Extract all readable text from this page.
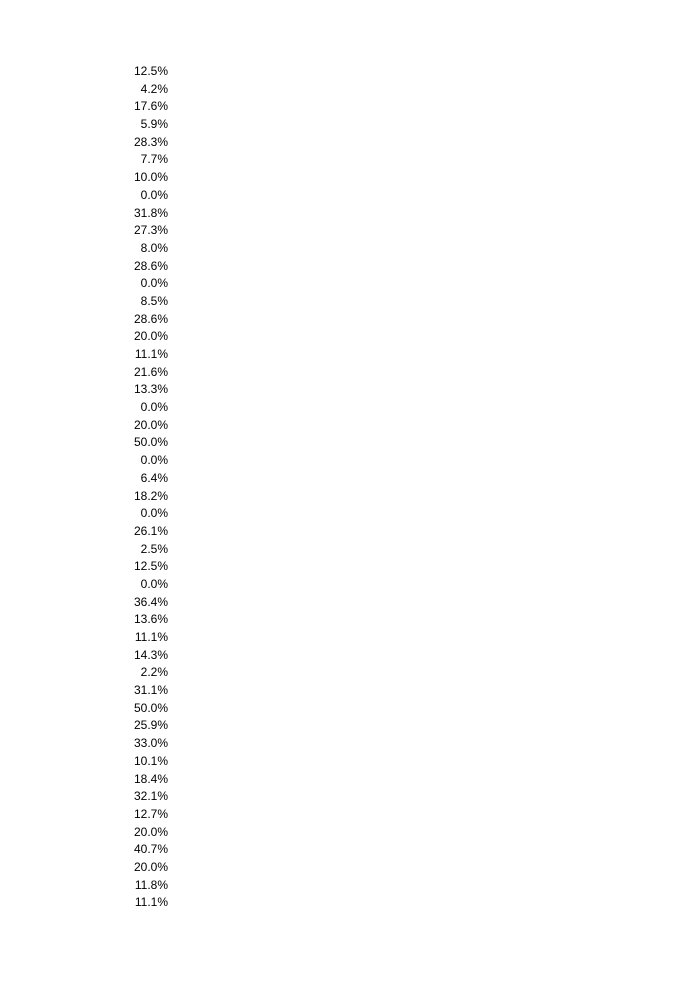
12.5%
4.2%
17.6%
5.9%
28.3%
7.7%
10.0%
0.0%
31.8%
27.3%
8.0%
28.6%
0.0%
8.5%
28.6%
20.0%
11.1%
21.6%
13.3%
0.0%
20.0%
50.0%
0.0%
6.4%
18.2%
0.0%
26.1%
2.5%
12.5%
0.0%
36.4%
13.6%
11.1%
14.3%
2.2%
31.1%
50.0%
25.9%
33.0%
10.1%
18.4%
32.1%
12.7%
20.0%
40.7%
20.0%
11.8%
11.1%
